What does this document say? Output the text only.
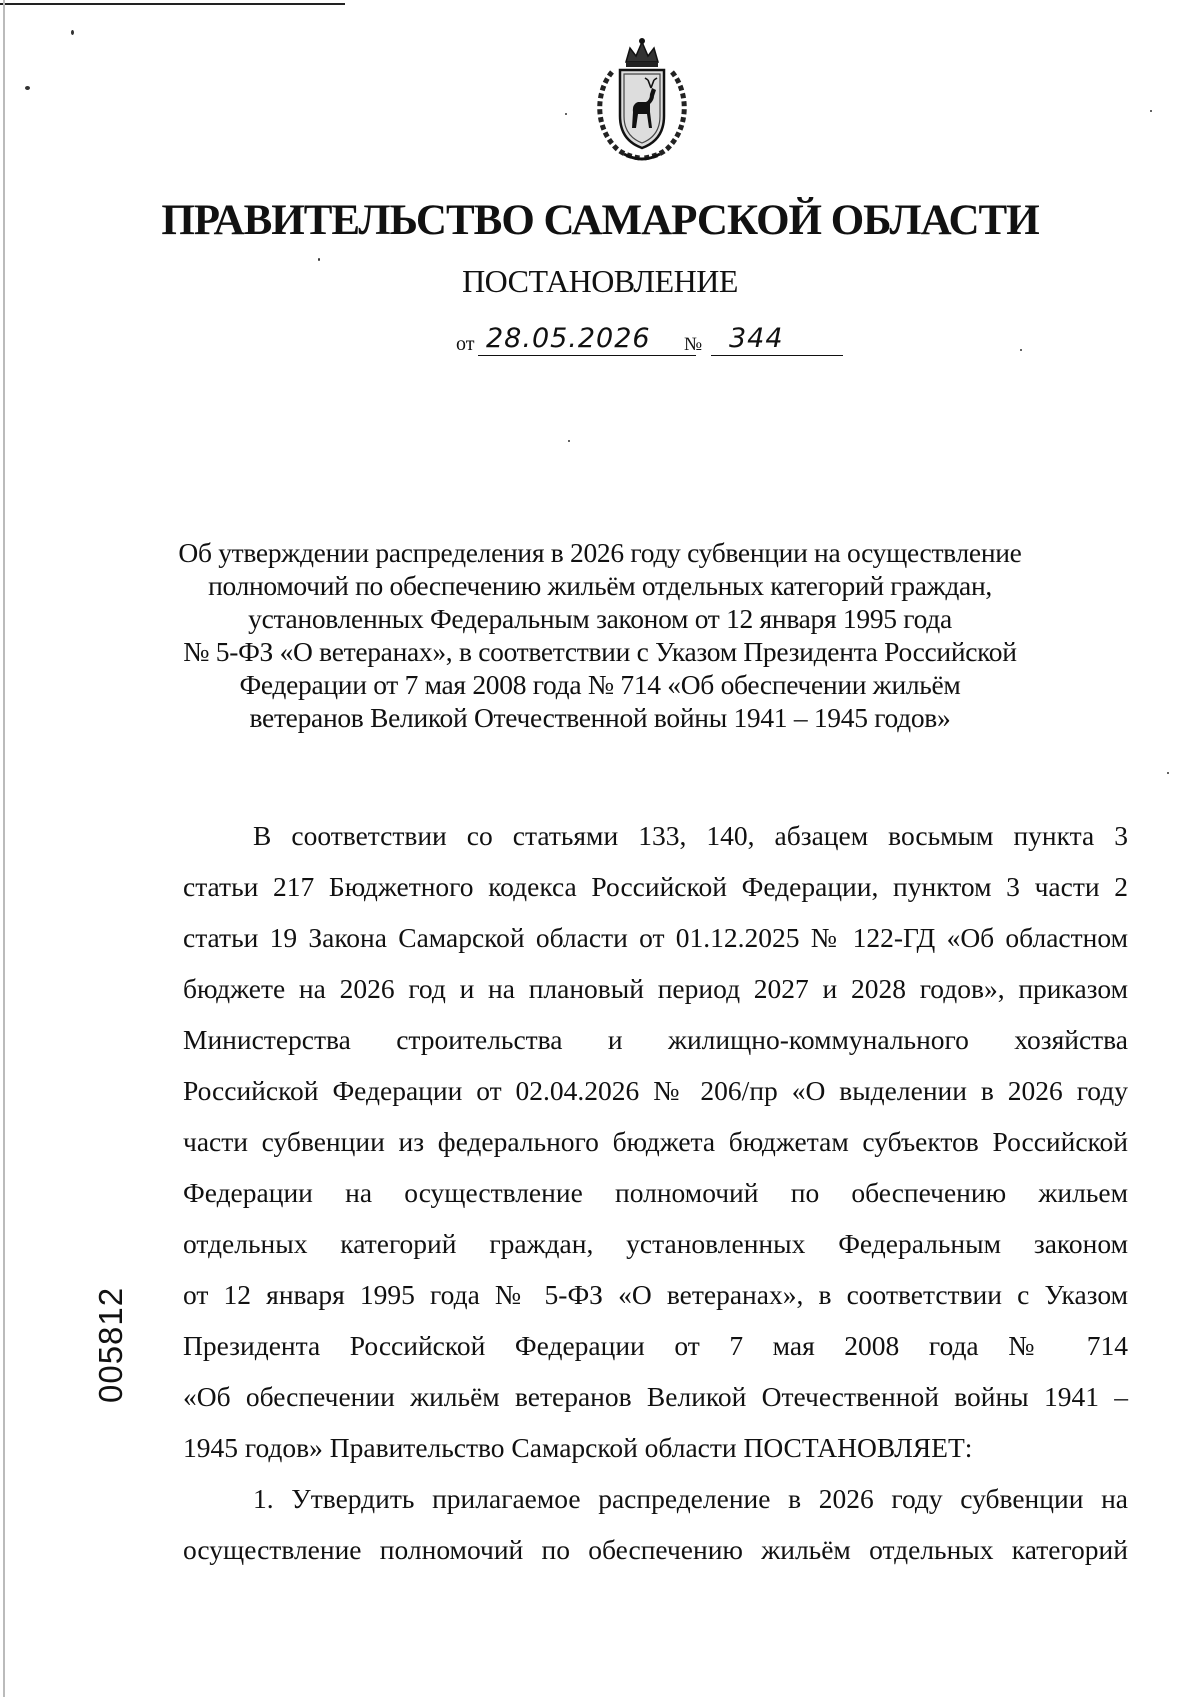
ПРАВИТЕЛЬСТВО САМАРСКОЙ ОБЛАСТИ
ПОСТАНОВЛЕНИЕ
от 28.05.2026 № 344
Об утверждении распределения в 2026 году субвенции на осуществление
полномочий по обеспечению жильём отдельных категорий граждан,
установленных Федеральным законом от 12 января 1995 года
№ 5-ФЗ «О ветеранах», в соответствии с Указом Президента Российской
Федерации от 7 мая 2008 года № 714 «Об обеспечении жильём
ветеранов Великой Отечественной войны 1941 – 1945 годов»
В соответствии со статьями 133, 140, абзацем восьмым пункта 3
статьи 217 Бюджетного кодекса Российской Федерации, пунктом 3 части 2
статьи 19 Закона Самарской области от 01.12.2025 № 122-ГД «Об областном
бюджете на 2026 год и на плановый период 2027 и 2028 годов», приказом
Министерства строительства и жилищно-коммунального хозяйства
Российской Федерации от 02.04.2026 № 206/пр «О выделении в 2026 году
части субвенции из федерального бюджета бюджетам субъектов Российской
Федерации на осуществление полномочий по обеспечению жильем
отдельных категорий граждан, установленных Федеральным законом
от 12 января 1995 года № 5-ФЗ «О ветеранах», в соответствии с Указом
Президента Российской Федерации от 7 мая 2008 года № 714
«Об обеспечении жильём ветеранов Великой Отечественной войны 1941 –
1945 годов» Правительство Самарской области ПОСТАНОВЛЯЕТ:
1. Утвердить прилагаемое распределение в 2026 году субвенции на
осуществление полномочий по обеспечению жильём отдельных категорий
005812
